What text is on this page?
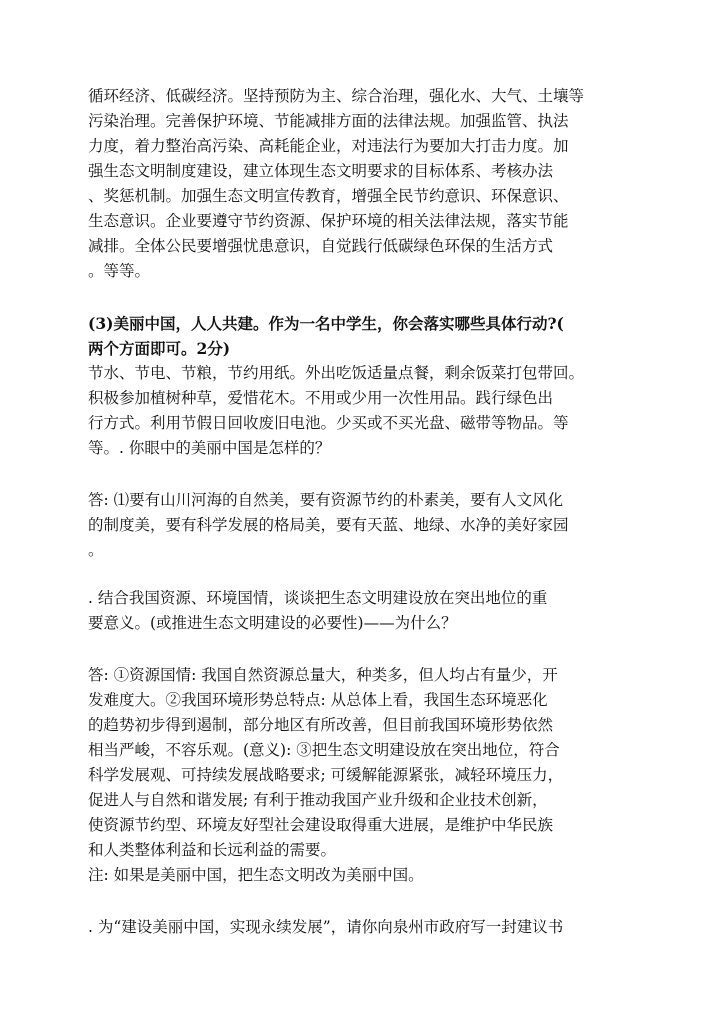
循环经济、低碳经济。坚持预防为主、综合治理，强化水、大气、土壤等
污染治理。完善保护环境、节能减排方面的法律法规。加强监管、执法
力度，着力整治高污染、高耗能企业，对违法行为要加大打击力度。加
强生态文明制度建设，建立体现生态文明要求的目标体系、考核办法
、奖惩机制。加强生态文明宣传教育，增强全民节约意识、环保意识、
生态意识。企业要遵守节约资源、保护环境的相关法律法规，落实节能
减排。全体公民要增强忧患意识，自觉践行低碳绿色环保的生活方式
。等等。
(3)美丽中国，人人共建。作为一名中学生，你会落实哪些具体行动?(
两个方面即可。2分)
节水、节电、节粮，节约用纸。外出吃饭适量点餐，剩余饭菜打包带回。
积极参加植树种草，爱惜花木。不用或少用一次性用品。践行绿色出
行方式。利用节假日回收废旧电池。少买或不买光盘、磁带等物品。等
等。. 你眼中的美丽中国是怎样的？
答: ⑴要有山川河海的自然美，要有资源节约的朴素美，要有人文风化
的制度美，要有科学发展的格局美，要有天蓝、地绿、水净的美好家园
。
. 结合我国资源、环境国情，谈谈把生态文明建设放在突出地位的重
要意义。(或推进生态文明建设的必要性)——为什么？
答: ①资源国情: 我国自然资源总量大，种类多，但人均占有量少，开
发难度大。②我国环境形势总特点: 从总体上看，我国生态环境恶化
的趋势初步得到遏制，部分地区有所改善，但目前我国环境形势依然
相当严峻，不容乐观。(意义): ③把生态文明建设放在突出地位，符合
科学发展观、可持续发展战略要求; 可缓解能源紧张，减轻环境压力，
促进人与自然和谐发展; 有利于推动我国产业升级和企业技术创新，
使资源节约型、环境友好型社会建设取得重大进展，是维护中华民族
和人类整体利益和长远利益的需要。
注: 如果是美丽中国，把生态文明改为美丽中国。
. 为“建设美丽中国，实现永续发展”，请你向泉州市政府写一封建议书
